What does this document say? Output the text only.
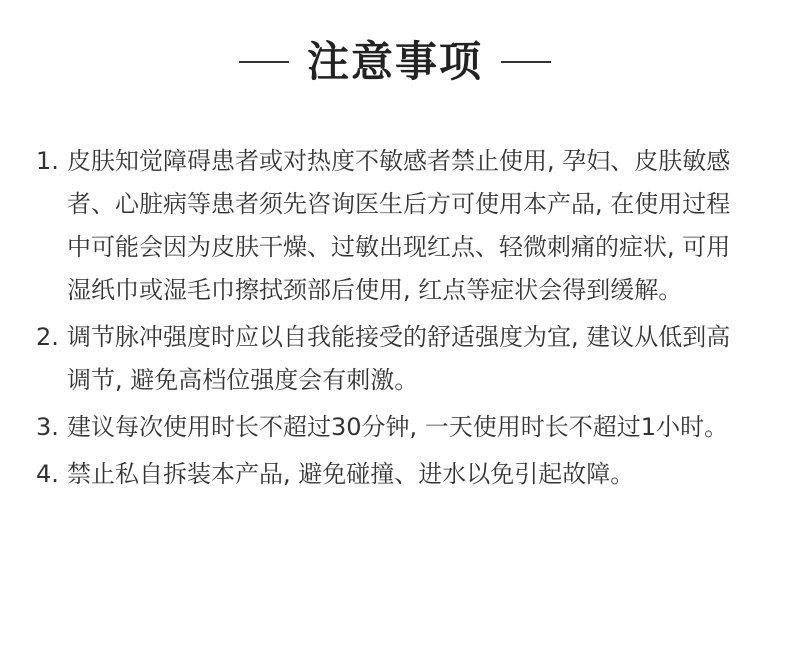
注意事项
1. 皮肤知觉障碍患者或对热度不敏感者禁止使用, 孕妇、皮肤敏感者、心脏病等患者须先咨询医生后方可使用本产品, 在使用过程中可能会因为皮肤干燥、过敏出现红点、轻微刺痛的症状, 可用湿纸巾或湿毛巾擦拭颈部后使用, 红点等症状会得到缓解。
2. 调节脉冲强度时应以自我能接受的舒适强度为宜, 建议从低到高调节, 避免高档位强度会有刺激。
3. 建议每次使用时长不超过30分钟, 一天使用时长不超过1小时。
4. 禁止私自拆装本产品, 避免碰撞、进水以免引起故障。
